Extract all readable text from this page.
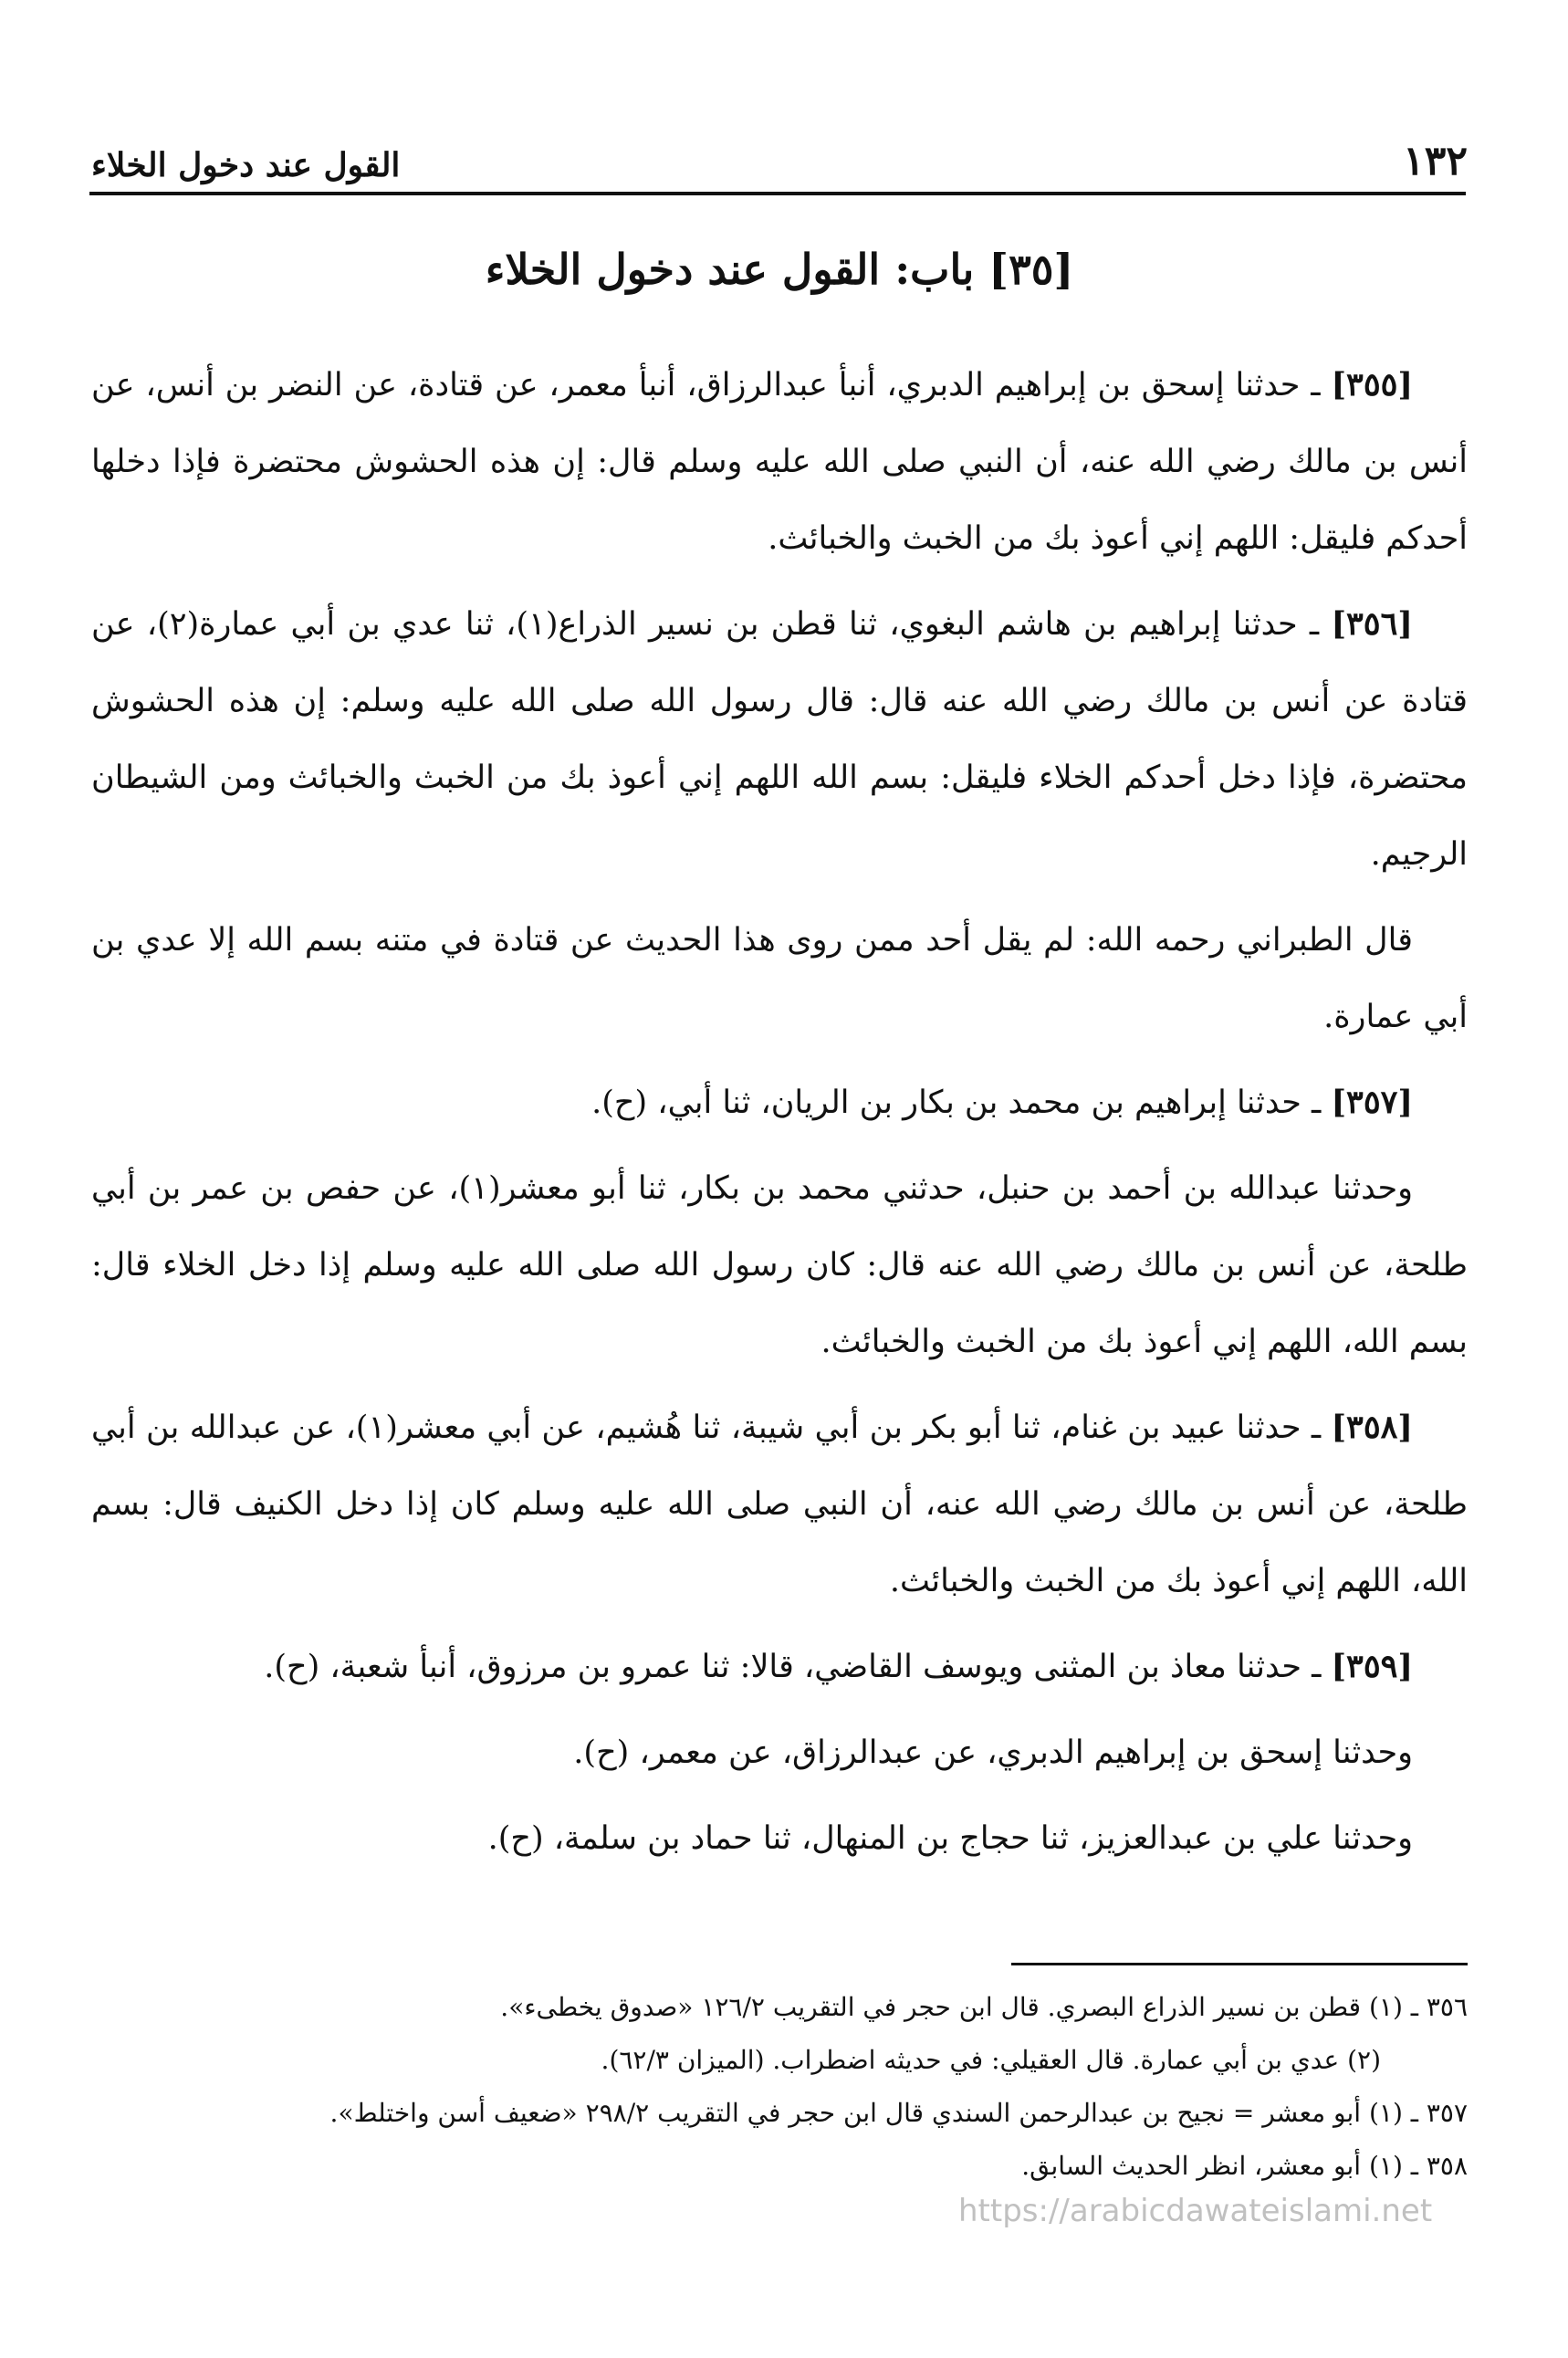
١٣٢
القول عند دخول الخلاء
[٣٥] باب: القول عند دخول الخلاء

[٣٥٥] ـ حدثنا إسحق بن إبراهيم الدبري، أنبأ عبدالرزاق، أنبأ معمر، عن قتادة، عن النضر بن أنس، عن أنس بن مالك رضي الله عنه، أن النبي صلى الله عليه وسلم قال: إن هذه الحشوش محتضرة فإذا دخلها أحدكم فليقل: اللهم إني أعوذ بك من الخبث والخبائث.

[٣٥٦] ـ حدثنا إبراهيم بن هاشم البغوي، ثنا قطن بن نسير الذراع(١)، ثنا عدي بن أبي عمارة(٢)، عن قتادة عن أنس بن مالك رضي الله عنه قال: قال رسول الله صلى الله عليه وسلم: إن هذه الحشوش محتضرة، فإذا دخل أحدكم الخلاء فليقل: بسم الله اللهم إني أعوذ بك من الخبث والخبائث ومن الشيطان الرجيم.

قال الطبراني رحمه الله: لم يقل أحد ممن روى هذا الحديث عن قتادة في متنه بسم الله إلا عدي بن أبي عمارة.

[٣٥٧] ـ حدثنا إبراهيم بن محمد بن بكار بن الريان، ثنا أبي، (ح).

وحدثنا عبدالله بن أحمد بن حنبل، حدثني محمد بن بكار، ثنا أبو معشر(١)، عن حفص بن عمر بن أبي طلحة، عن أنس بن مالك رضي الله عنه قال: كان رسول الله صلى الله عليه وسلم إذا دخل الخلاء قال: بسم الله، اللهم إني أعوذ بك من الخبث والخبائث.

[٣٥٨] ـ حدثنا عبيد بن غنام، ثنا أبو بكر بن أبي شيبة، ثنا هُشيم، عن أبي معشر(١)، عن عبدالله بن أبي طلحة، عن أنس بن مالك رضي الله عنه، أن النبي صلى الله عليه وسلم كان إذا دخل الكنيف قال: بسم الله، اللهم إني أعوذ بك من الخبث والخبائث.

[٣٥٩] ـ حدثنا معاذ بن المثنى ويوسف القاضي، قالا: ثنا عمرو بن مرزوق، أنبأ شعبة، (ح).

وحدثنا إسحق بن إبراهيم الدبري، عن عبدالرزاق، عن معمر، (ح).

وحدثنا علي بن عبدالعزيز، ثنا حجاج بن المنهال، ثنا حماد بن سلمة، (ح).

٣٥٦ ـ (١) قطن بن نسير الذراع البصري. قال ابن حجر في التقريب ١٢٦/٢ «صدوق يخطىء».

(٢) عدي بن أبي عمارة. قال العقيلي: في حديثه اضطراب. (الميزان ٦٢/٣).

٣٥٧ ـ (١) أبو معشر = نجيح بن عبدالرحمن السندي قال ابن حجر في التقريب ٢٩٨/٢ «ضعيف أسن واختلط».

٣٥٨ ـ (١) أبو معشر، انظر الحديث السابق.

https://arabicdawateislami.net
